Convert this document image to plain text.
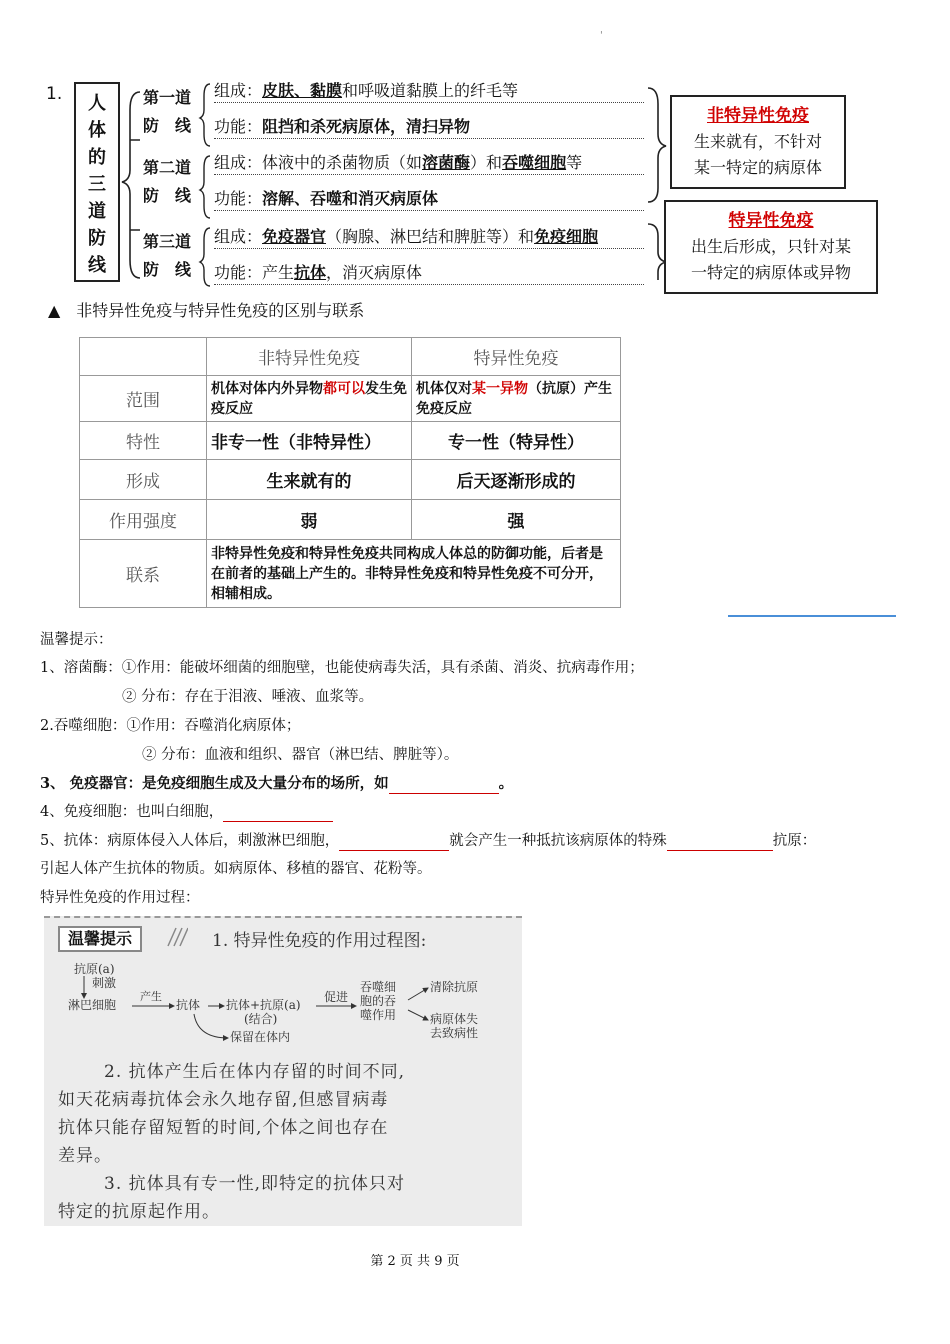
'
1.	人
体
的
三
道
防
线
第一道
防　线
组成：皮肤、黏膜和呼吸道黏膜上的纤毛等
功能：阻挡和杀死病原体，清扫异物
第二道
防　线
组成：体液中的杀菌物质（如溶菌酶）和吞噬细胞等
功能：溶解、吞噬和消灭病原体
第三道
防　线
组成：免疫器官（胸腺、淋巴结和脾脏等）和免疫细胞
功能：产生抗体，消灭病原体
非特异性免疫
生来就有，不针对
某一特定的病原体
特异性免疫
出生后形成，只针对某
一特定的病原体或异物
▲　非特异性免疫与特异性免疫的区别与联系
	非特异性免疫	特异性免疫
范围	机体对体内外异物都可以发生免疫反应	机体仅对某一异物（抗原）产生免疫反应
特性	非专一性（非特异性）	专一性（特异性）
形成	生来就有的	后天逐渐形成的
作用强度	弱	强
联系	非特异性免疫和特异性免疫共同构成人体总的防御功能，后者是在前者的基础上产生的。非特异性免疫和特异性免疫不可分开，相辅相成。	
温馨提示：
1、溶菌酶：①作用：能破坏细菌的细胞壁，也能使病毒失活，具有杀菌、消炎、抗病毒作用；
② 分布：存在于泪液、唾液、血浆等。
2.吞噬细胞：①作用：吞噬消化病原体；
② 分布：血液和组织、器官（淋巴结、脾脏等）。
3、 免疫器官：是免疫细胞生成及大量分布的场所，如	。
4、免疫细胞：也叫白细胞，
5、抗体：病原体侵入人体后，刺激淋巴细胞，	就会产生一种抵抗该病原体的特殊	抗原：
引起人体产生抗体的物质。如病原体、移植的器官、花粉等。
特异性免疫的作用过程：
温馨提示	1. 特异性免疫的作用过程图:
抗原(a)
刺激
淋巴细胞
产生
抗体 抗体+抗原(a)
(结合)
促进
吞噬细
胞的吞
噬作用
清除抗原
病原体失
去致病性
保留在体内
2. 抗体产生后在体内存留的时间不同,
如天花病毒抗体会永久地存留,但感冒病毒
抗体只能存留短暂的时间,个体之间也存在
差异。
3. 抗体具有专一性,即特定的抗体只对
特定的抗原起作用。
第 2 页 共 9 页
